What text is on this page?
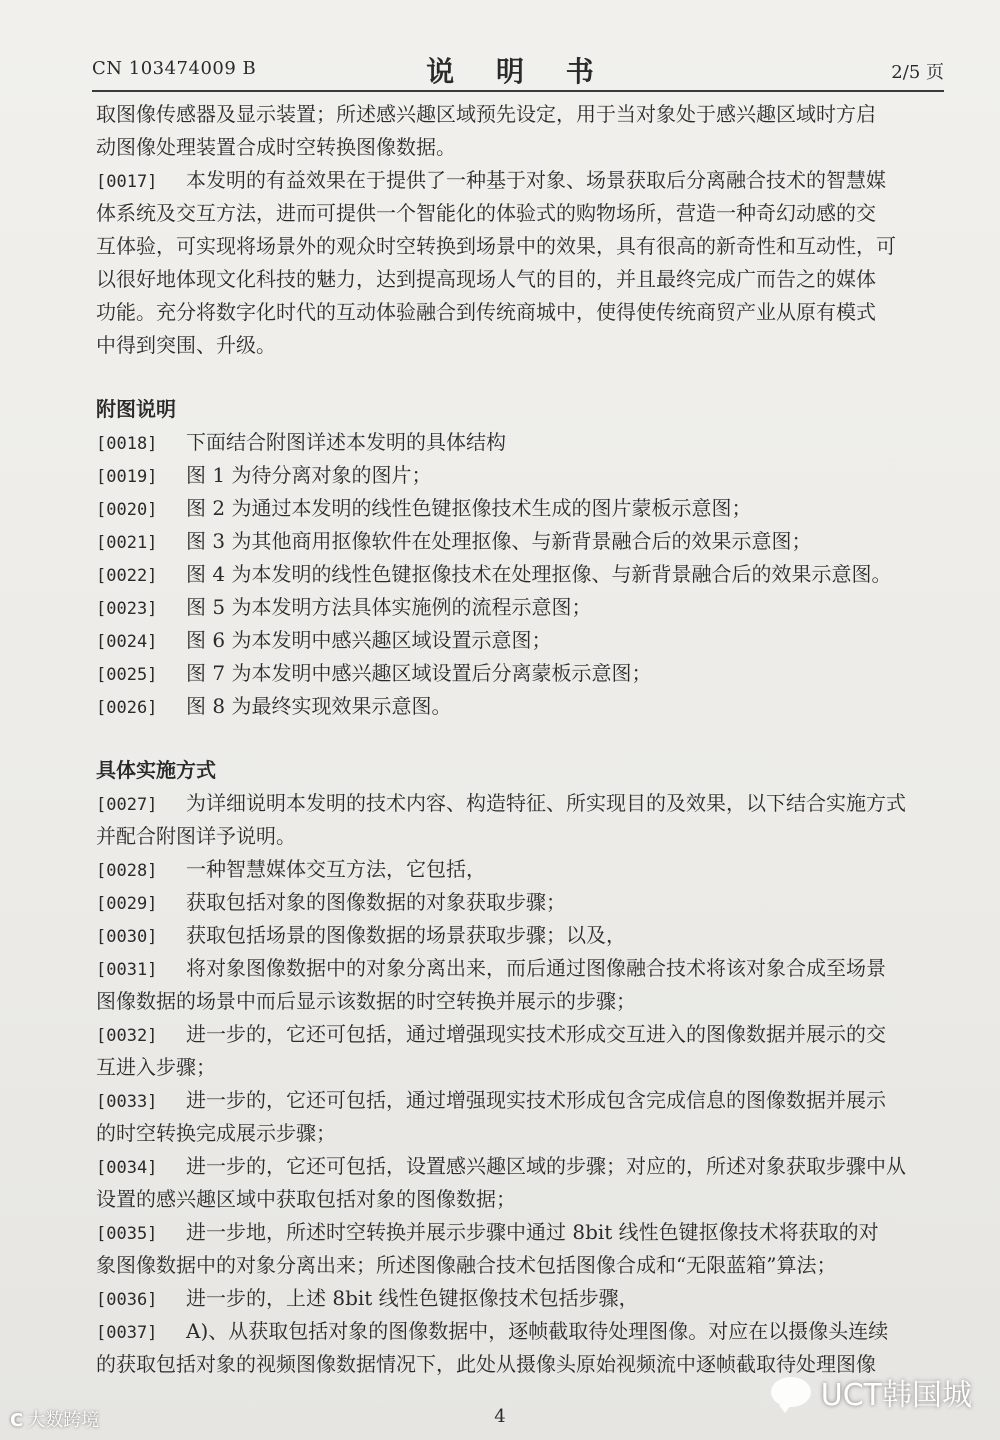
CN 103474009 B	说 明 书	2/5 页
取图像传感器及显示装置；所述感兴趣区域预先设定，用于当对象处于感兴趣区域时方启
动图像处理装置合成时空转换图像数据。
[0017] 本发明的有益效果在于提供了一种基于对象、场景获取后分离融合技术的智慧媒
体系统及交互方法，进而可提供一个智能化的体验式的购物场所，营造一种奇幻动感的交
互体验，可实现将场景外的观众时空转换到场景中的效果，具有很高的新奇性和互动性，可
以很好地体现文化科技的魅力，达到提高现场人气的目的，并且最终完成广而告之的媒体
功能。充分将数字化时代的互动体验融合到传统商城中，使得使传统商贸产业从原有模式
中得到突围、升级。
附图说明
[0018] 下面结合附图详述本发明的具体结构
[0019] 图 1 为待分离对象的图片；
[0020] 图 2 为通过本发明的线性色键抠像技术生成的图片蒙板示意图；
[0021] 图 3 为其他商用抠像软件在处理抠像、与新背景融合后的效果示意图；
[0022] 图 4 为本发明的线性色键抠像技术在处理抠像、与新背景融合后的效果示意图。
[0023] 图 5 为本发明方法具体实施例的流程示意图；
[0024] 图 6 为本发明中感兴趣区域设置示意图；
[0025] 图 7 为本发明中感兴趣区域设置后分离蒙板示意图；
[0026] 图 8 为最终实现效果示意图。
具体实施方式
[0027] 为详细说明本发明的技术内容、构造特征、所实现目的及效果，以下结合实施方式
并配合附图详予说明。
[0028] 一种智慧媒体交互方法，它包括，
[0029] 获取包括对象的图像数据的对象获取步骤；
[0030] 获取包括场景的图像数据的场景获取步骤；以及，
[0031] 将对象图像数据中的对象分离出来，而后通过图像融合技术将该对象合成至场景
图像数据的场景中而后显示该数据的时空转换并展示的步骤；
[0032] 进一步的，它还可包括，通过增强现实技术形成交互进入的图像数据并展示的交
互进入步骤；
[0033] 进一步的，它还可包括，通过增强现实技术形成包含完成信息的图像数据并展示
的时空转换完成展示步骤；
[0034] 进一步的，它还可包括，设置感兴趣区域的步骤；对应的，所述对象获取步骤中从
设置的感兴趣区域中获取包括对象的图像数据；
[0035] 进一步地，所述时空转换并展示步骤中通过 8bit 线性色键抠像技术将获取的对
象图像数据中的对象分离出来；所述图像融合技术包括图像合成和“无限蓝箱”算法；
[0036] 进一步的，上述 8bit 线性色键抠像技术包括步骤，
[0037] A)、从获取包括对象的图像数据中，逐帧截取待处理图像。对应在以摄像头连续
的获取包括对象的视频图像数据情况下，此处从摄像头原始视频流中逐帧截取待处理图像
4
C 大数跨境
UCT韩国城
